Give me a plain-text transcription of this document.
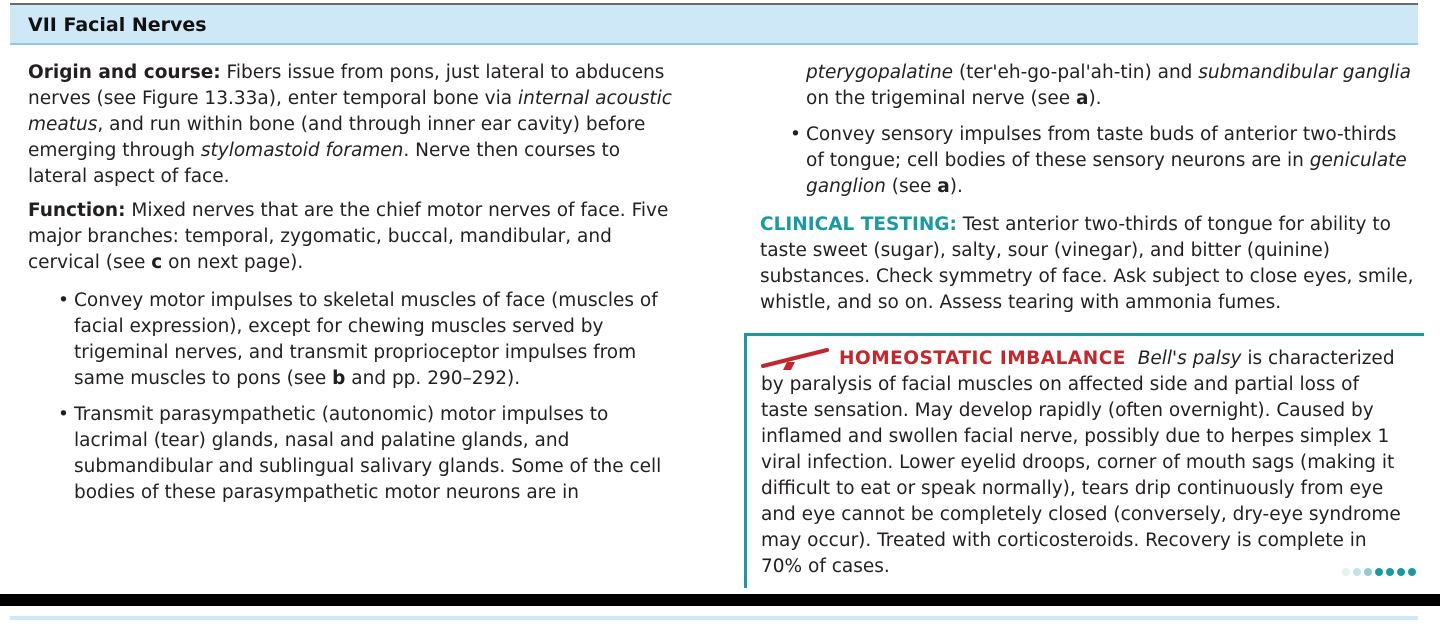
VII Facial Nerves

Origin and course: Fibers issue from pons, just lateral to abducens nerves (see Figure 13.33a), enter temporal bone via internal acoustic meatus, and run within bone (and through inner ear cavity) before emerging through stylomastoid foramen. Nerve then courses to lateral aspect of face.

Function: Mixed nerves that are the chief motor nerves of face. Five major branches: temporal, zygomatic, buccal, mandibular, and cervical (see c on next page).

• Convey motor impulses to skeletal muscles of face (muscles of facial expression), except for chewing muscles served by trigeminal nerves, and transmit proprioceptor impulses from same muscles to pons (see b and pp. 290–292).
• Transmit parasympathetic (autonomic) motor impulses to lacrimal (tear) glands, nasal and palatine glands, and submandibular and sublingual salivary glands. Some of the cell bodies of these parasympathetic motor neurons are in

pterygopalatine (ter'eh-go-pal'ah-tin) and submandibular ganglia on the trigeminal nerve (see a).

• Convey sensory impulses from taste buds of anterior two-thirds of tongue; cell bodies of these sensory neurons are in geniculate ganglion (see a).

CLINICAL TESTING: Test anterior two-thirds of tongue for ability to taste sweet (sugar), salty, sour (vinegar), and bitter (quinine) substances. Check symmetry of face. Ask subject to close eyes, smile, whistle, and so on. Assess tearing with ammonia fumes.

HOMEOSTATIC IMBALANCE Bell's palsy is characterized by paralysis of facial muscles on affected side and partial loss of taste sensation. May develop rapidly (often overnight). Caused by inflamed and swollen facial nerve, possibly due to herpes simplex 1 viral infection. Lower eyelid droops, corner of mouth sags (making it difficult to eat or speak normally), tears drip continuously from eye and eye cannot be completely closed (conversely, dry-eye syndrome may occur). Treated with corticosteroids. Recovery is complete in 70% of cases.
